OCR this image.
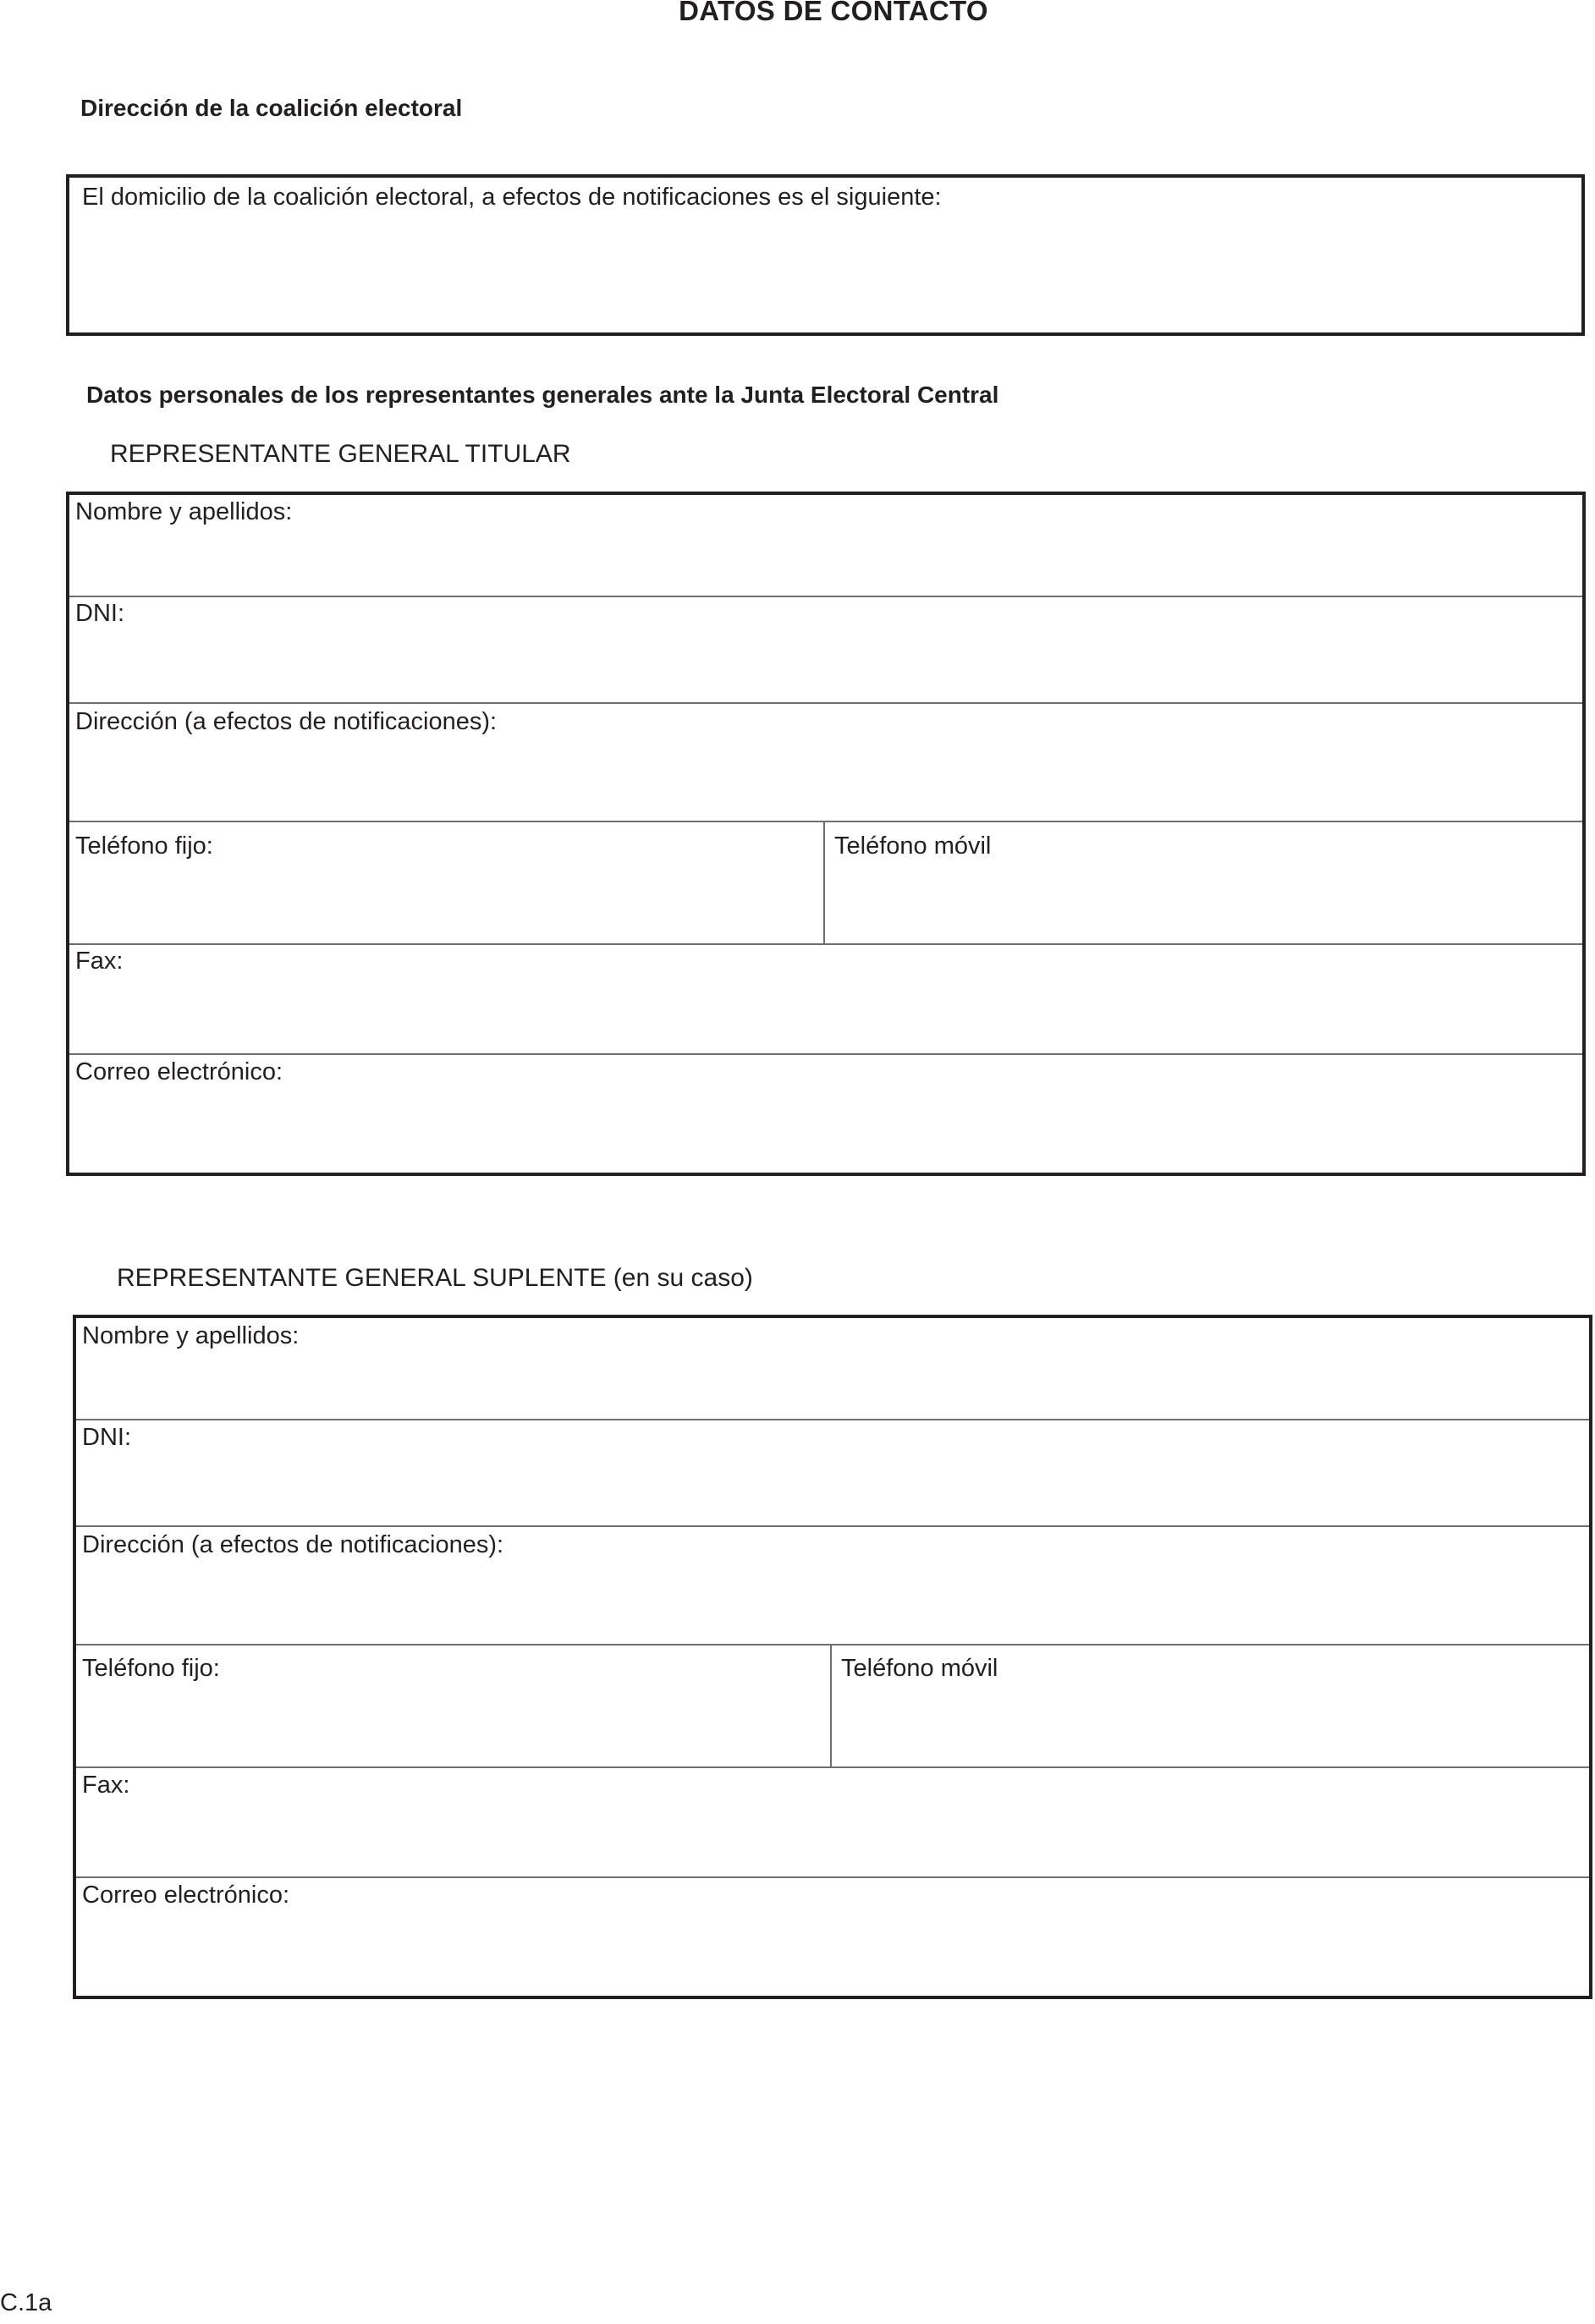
DATOS DE CONTACTO
Dirección de la coalición electoral
El domicilio de la coalición electoral, a efectos de notificaciones es el siguiente:
Datos personales de los representantes generales ante la Junta Electoral Central
REPRESENTANTE GENERAL TITULAR
Nombre y apellidos:
DNI:
Dirección (a efectos de notificaciones):
Teléfono fijo:	Teléfono móvil
Fax:
Correo electrónico:
REPRESENTANTE GENERAL SUPLENTE (en su caso)
Nombre y apellidos:
DNI:
Dirección (a efectos de notificaciones):
Teléfono fijo:	Teléfono móvil
Fax:
Correo electrónico:
C.1a
